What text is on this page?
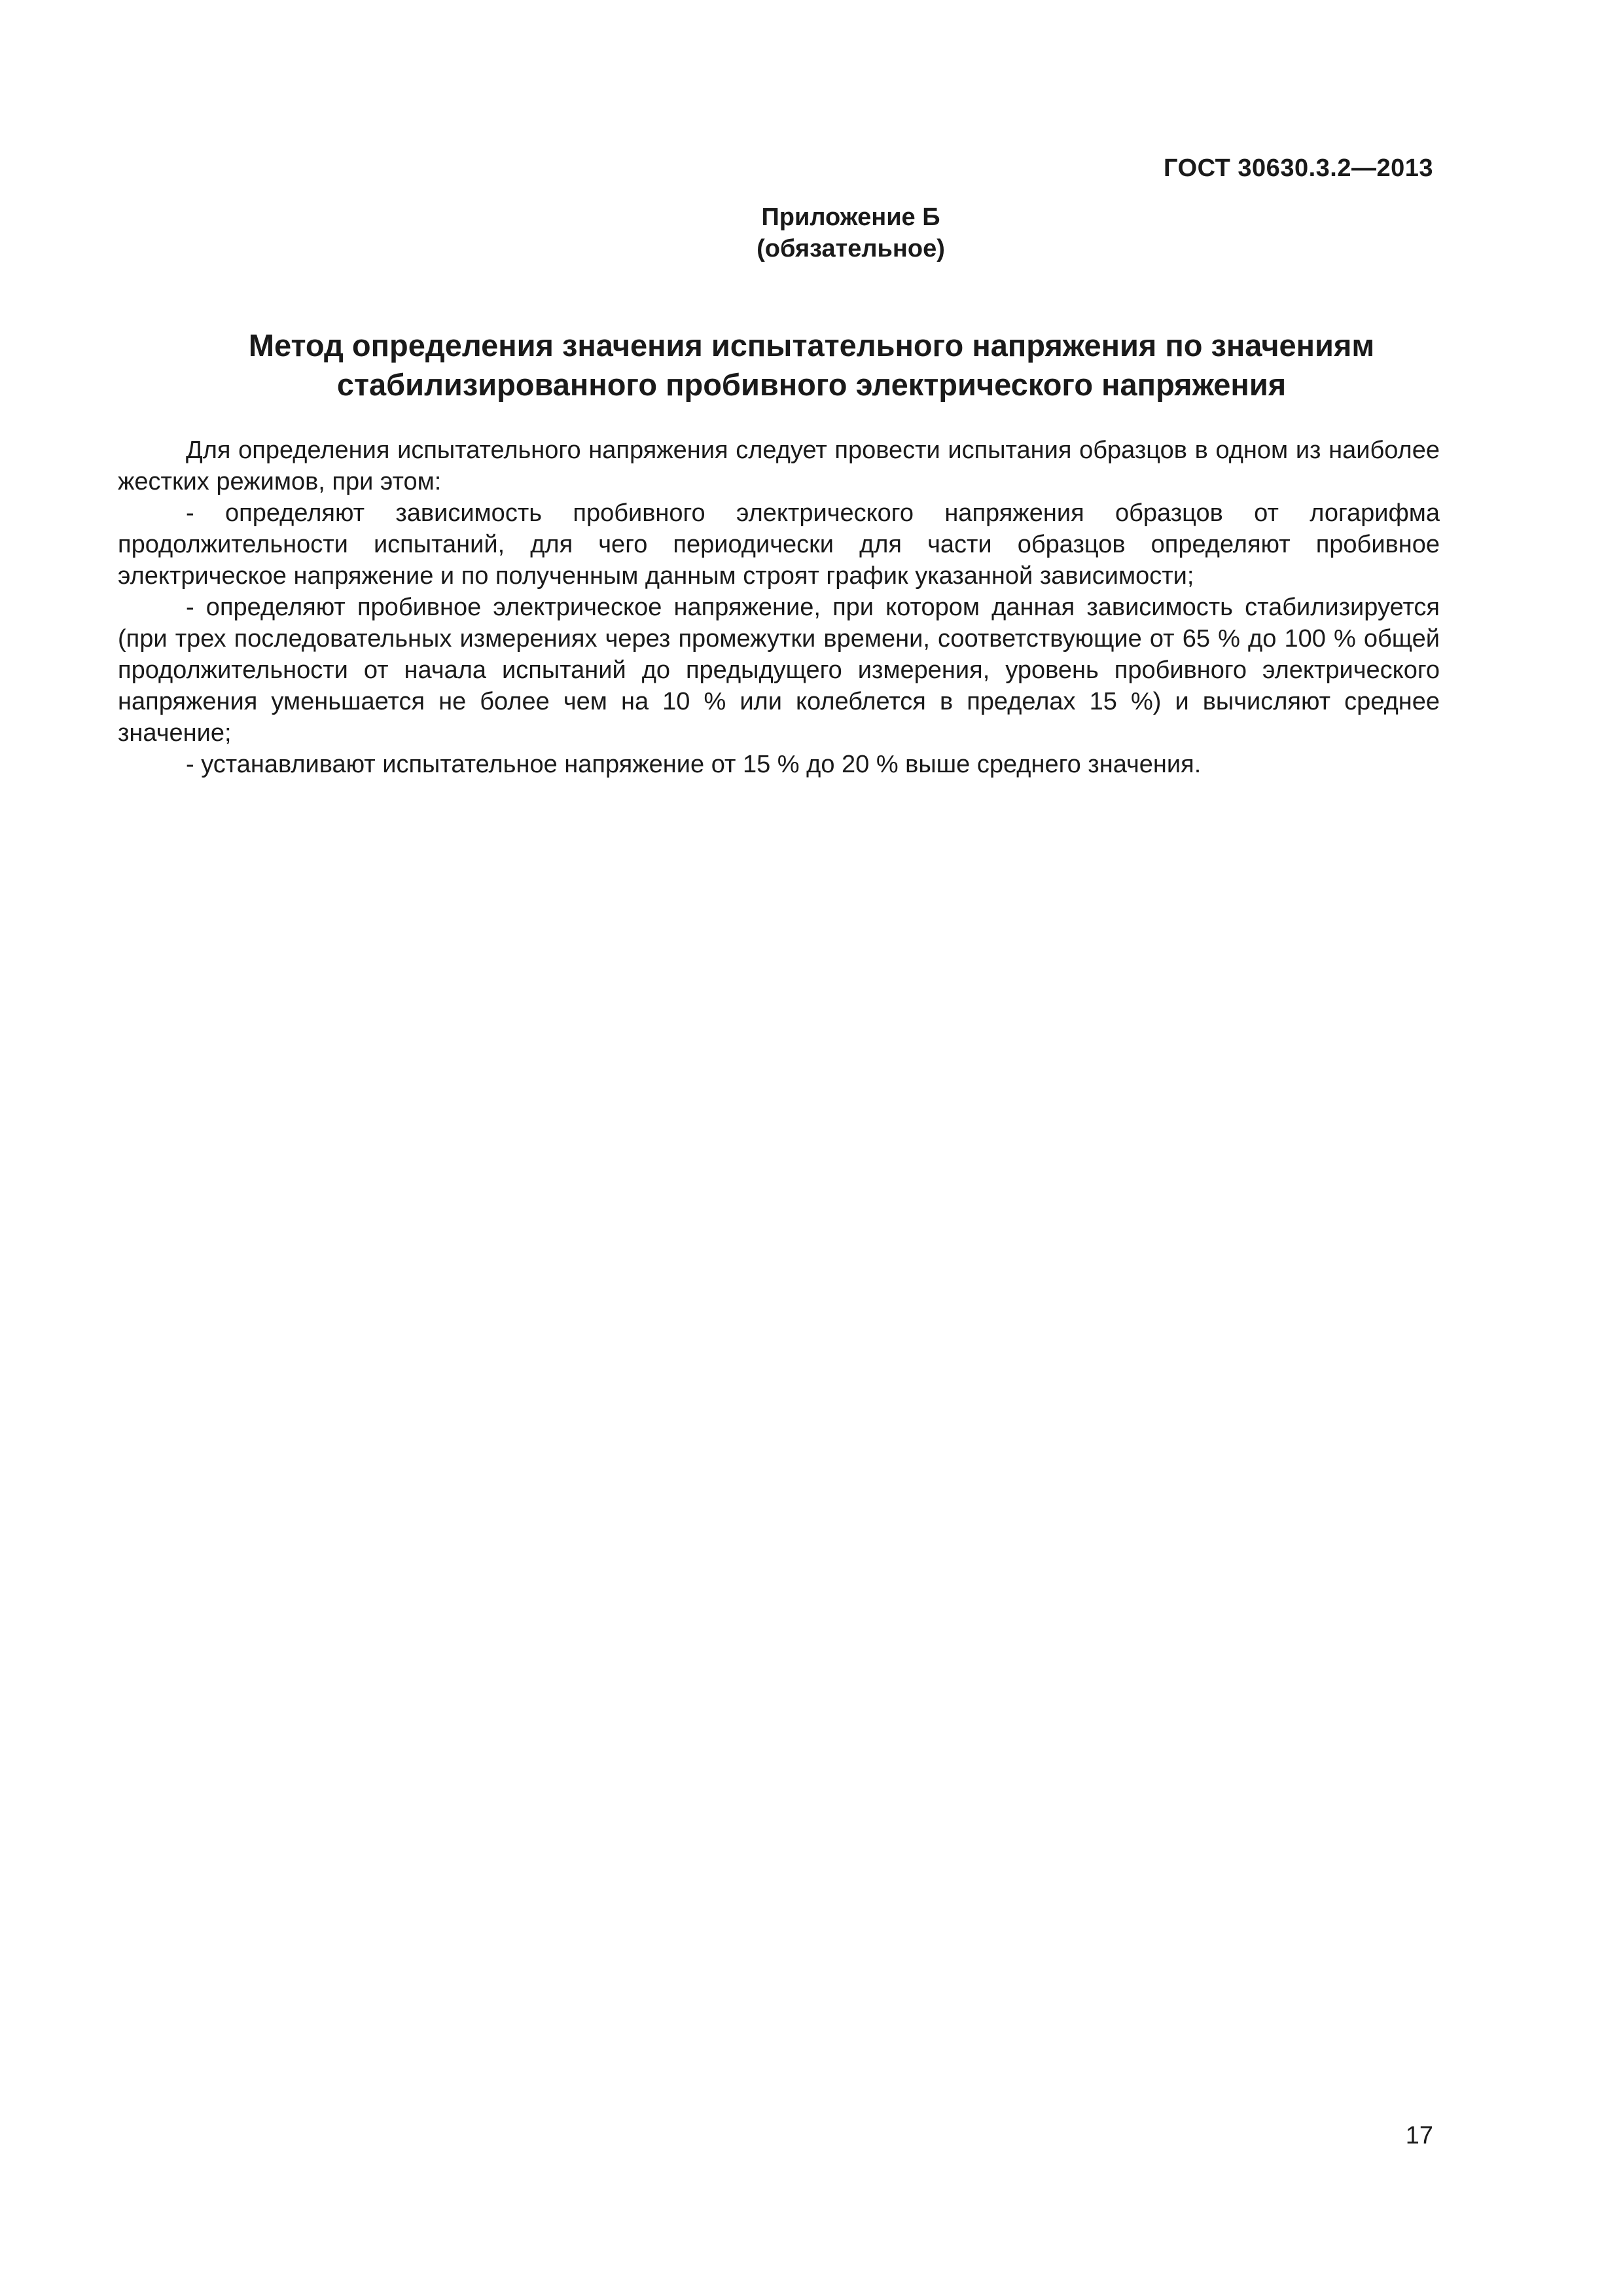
ГОСТ 30630.3.2—2013
Приложение Б
(обязательное)
Метод определения значения испытательного напряжения по значениям
стабилизированного пробивного электрического напряжения

Для определения испытательного напряжения следует провести испытания образцов в одном из наиболее жестких режимов, при этом:

- определяют зависимость пробивного электрического напряжения образцов от логарифма продолжительности испытаний, для чего периодически для части образцов определяют пробивное электрическое напряжение и по полученным данным строят график указанной зависимости;

- определяют пробивное электрическое напряжение, при котором данная зависимость стабилизируется (при трех последовательных измерениях через промежутки времени, соответствующие от 65 % до 100 % общей продолжительности от начала испытаний до предыдущего измерения, уровень пробивного электрического напряжения уменьшается не более чем на 10 % или колеблется в пределах 15 %) и вычисляют среднее значение;

- устанавливают испытательное напряжение от 15 % до 20 % выше среднего значения.

17
